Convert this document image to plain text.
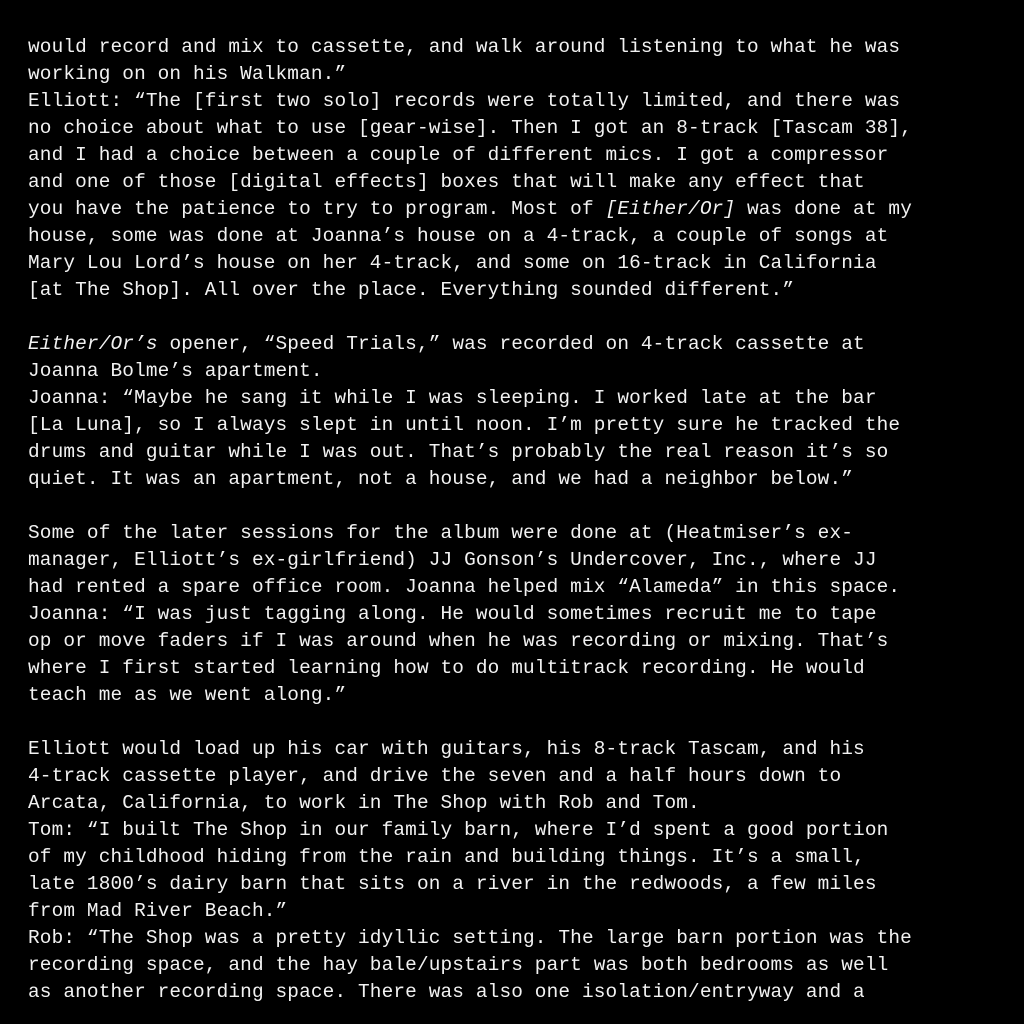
would record and mix to cassette, and walk around listening to what he was
working on on his Walkman.”
Elliott: “The [first two solo] records were totally limited, and there was
no choice about what to use [gear-wise]. Then I got an 8-track [Tascam 38],
and I had a choice between a couple of different mics. I got a compressor
and one of those [digital effects] boxes that will make any effect that
you have the patience to try to program. Most of [Either/Or] was done at my
house, some was done at Joanna’s house on a 4-track, a couple of songs at
Mary Lou Lord’s house on her 4-track, and some on 16-track in California
[at The Shop]. All over the place. Everything sounded different.”
Either/Or’s opener, “Speed Trials,” was recorded on 4-track cassette at
Joanna Bolme’s apartment.
Joanna: “Maybe he sang it while I was sleeping. I worked late at the bar
[La Luna], so I always slept in until noon. I’m pretty sure he tracked the
drums and guitar while I was out. That’s probably the real reason it’s so
quiet. It was an apartment, not a house, and we had a neighbor below.”
Some of the later sessions for the album were done at (Heatmiser’s ex-
manager, Elliott’s ex-girlfriend) JJ Gonson’s Undercover, Inc., where JJ
had rented a spare office room. Joanna helped mix “Alameda” in this space.
Joanna: “I was just tagging along. He would sometimes recruit me to tape
op or move faders if I was around when he was recording or mixing. That’s
where I first started learning how to do multitrack recording. He would
teach me as we went along.”
Elliott would load up his car with guitars, his 8-track Tascam, and his
4-track cassette player, and drive the seven and a half hours down to
Arcata, California, to work in The Shop with Rob and Tom.
Tom: “I built The Shop in our family barn, where I’d spent a good portion
of my childhood hiding from the rain and building things. It’s a small,
late 1800’s dairy barn that sits on a river in the redwoods, a few miles
from Mad River Beach.”
Rob: “The Shop was a pretty idyllic setting. The large barn portion was the
recording space, and the hay bale/upstairs part was both bedrooms as well
as another recording space. There was also one isolation/entryway and a
